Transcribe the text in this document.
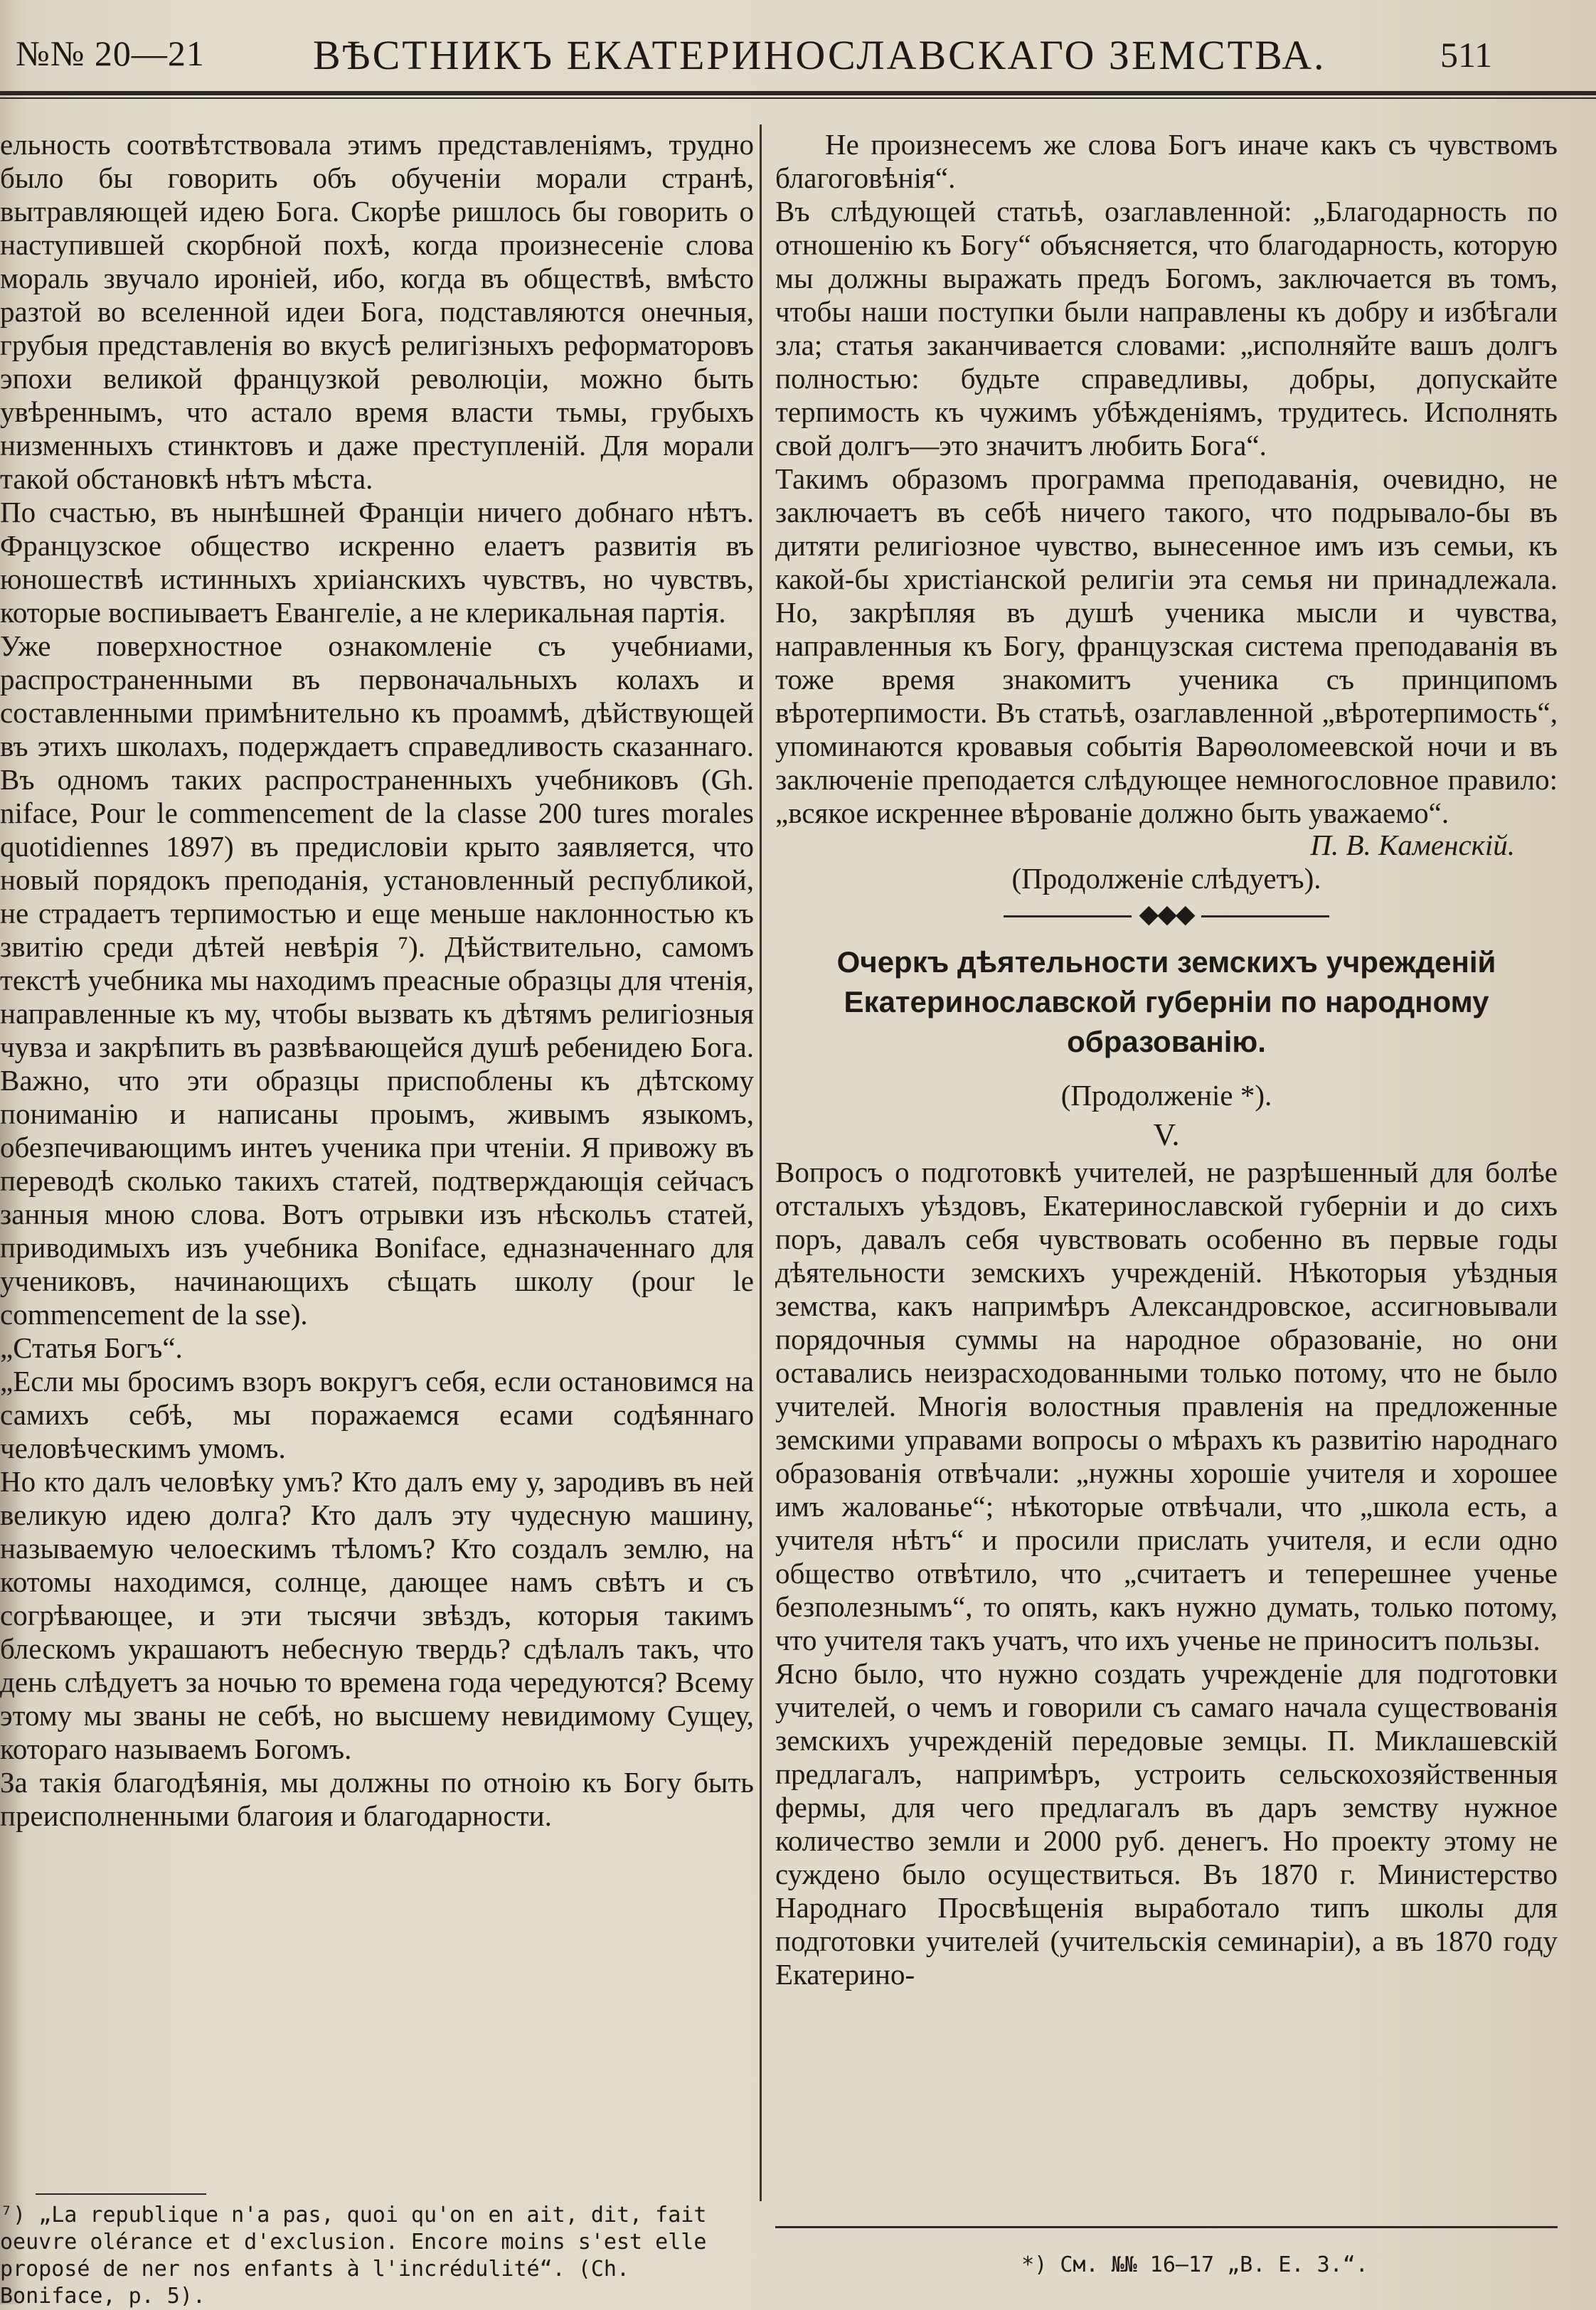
№№ 20—21	ВѢСТНИКЪ ЕКАТЕРИНОСЛАВСКАГО ЗЕМСТВА.	511

ельность соотвѣтствовала этимъ представленіямъ, трудно было бы говорить объ обученіи морали странѣ, вытравляющей идею Бога. Скорѣе ришлось бы говорить о наступившей скорбной похѣ, когда произнесеніе слова мораль звучало ироніей, ибо, когда въ обществѣ, вмѣсто разтой во вселенной идеи Бога, подставляются онечныя, грубыя представленія во вкусѣ религізныхъ реформаторовъ эпохи великой французкой революціи, можно быть увѣреннымъ, что астало время власти тьмы, грубыхъ низменныхъ стинктовъ и даже преступленій. Для морали такой обстановкѣ нѣтъ мѣста.

По счастью, въ нынѣшней Франціи ничего добнаго нѣтъ. Французское общество искренно елаетъ развитія въ юношествѣ истинныхъ хриіанскихъ чувствъ, но чувствъ, которые воспиываетъ Евангеліе, а не клерикальная партія.

Уже поверхностное ознакомленіе съ учебниами, распространенными въ первоначальныхъ колахъ и составленными примѣнительно къ проаммѣ, дѣйствующей въ этихъ школахъ, подерждаетъ справедливость сказаннаго. Въ одномъ таких распространенныхъ учебниковъ (Gh. niface, Pour le commencement de la classe 200 tures morales quotidiennes 1897) въ предисловіи крыто заявляется, что новый порядокъ преподанія, установленный республикой, не страдаетъ терпимостью и еще меньше наклонностью къ звитію среди дѣтей невѣрія ⁷). Дѣйствительно, самомъ текстѣ учебника мы находимъ преасные образцы для чтенія, направленные къ му, чтобы вызвать къ дѣтямъ религіозныя чувза и закрѣпить въ развѣвающейся душѣ ребенидею Бога. Важно, что эти образцы приспоблены къ дѣтскому пониманію и написаны проымъ, живымъ языкомъ, обезпечивающимъ интеъ ученика при чтеніи. Я привожу въ переводѣ сколько такихъ статей, подтверждающія сейчасъ занныя мною слова. Вотъ отрывки изъ нѣскольъ статей, приводимыхъ изъ учебника Boniface, едназначеннаго для учениковъ, начинающихъ сѣщать школу (pour le commencement de la sse).

„Статья Богъ“.

„Если мы бросимъ взоръ вокругъ себя, если остановимся на самихъ себѣ, мы поражаемся есами содѣяннаго человѣческимъ умомъ.

Но кто далъ человѣку умъ? Кто далъ ему у, зародивъ въ ней великую идею долга? Кто далъ эту чудесную машину, называемую челоескимъ тѣломъ? Кто создалъ землю, на котомы находимся, солнце, дающее намъ свѣтъ и съ согрѣвающее, и эти тысячи звѣздъ, которыя такимъ блескомъ украшаютъ небесную твердь? сдѣлалъ такъ, что день слѣдуетъ за ночью то времена года чередуются? Всему этому мы званы не себѣ, но высшему невидимому Сущеу, котораго называемъ Богомъ.

За такія благодѣянія, мы должны по отноію къ Богу быть преисполненными благоия и благодарности.

⁷) „La republique n'a pas, quoi qu'on en ait, dit, fait oeuvre olérance et d'exclusion. Encore moins s'est elle proposé de ner nos enfants à l'incrédulité“. (Ch. Boniface, p. 5).

Не произнесемъ же слова Богъ иначе какъ съ чувствомъ благоговѣнія“.

Въ слѣдующей статьѣ, озаглавленной: „Благодарность по отношенію къ Богу“ объясняется, что благодарность, которую мы должны выражать предъ Богомъ, заключается въ томъ, чтобы наши поступки были направлены къ добру и избѣгали зла; статья заканчивается словами: „исполняйте вашъ долгъ полностью: будьте справедливы, добры, допускайте терпимость къ чужимъ убѣжденіямъ, трудитесь. Исполнять свой долгъ—это значитъ любить Бога“.

Такимъ образомъ программа преподаванія, очевидно, не заключаетъ въ себѣ ничего такого, что подрывало-бы въ дитяти религіозное чувство, вынесенное имъ изъ семьи, къ какой-бы христіанской религіи эта семья ни принадлежала. Но, закрѣпляя въ душѣ ученика мысли и чувства, направленныя къ Богу, французская система преподаванія въ тоже время знакомитъ ученика съ принципомъ вѣротерпимости. Въ статьѣ, озаглавленной „вѣротерпимость“, упоминаются кровавыя событія Варѳоломеевской ночи и въ заключеніе преподается слѣдующее немногословное правило: „всякое искреннее вѣрованіе должно быть уважаемо“.

П. В. Каменскій.

(Продолженіе слѣдуетъ).

◆◆◆

Очеркъ дѣятельности земскихъ учрежденій Екатеринославской губерніи по народному образованію.

(Продолженіе *).

V.

Вопросъ о подготовкѣ учителей, не разрѣшенный для болѣе отсталыхъ уѣздовъ, Екатеринославской губерніи и до сихъ поръ, давалъ себя чувствовать особенно въ первые годы дѣятельности земскихъ учрежденій. Нѣкоторыя уѣздныя земства, какъ напримѣръ Александровское, ассигновывали порядочныя суммы на народное образованіе, но они оставались неизрасходованными только потому, что не было учителей. Многія волостныя правленія на предложенные земскими управами вопросы о мѣрахъ къ развитію народнаго образованія отвѣчали: „нужны хорошіе учителя и хорошее имъ жалованье“; нѣкоторые отвѣчали, что „школа есть, а учителя нѣтъ“ и просили прислать учителя, и если одно общество отвѣтило, что „считаетъ и теперешнее ученье безполезнымъ“, то опять, какъ нужно думать, только потому, что учителя такъ учатъ, что ихъ ученье не приноситъ пользы.

Ясно было, что нужно создать учрежденіе для подготовки учителей, о чемъ и говорили съ самаго начала существованія земскихъ учрежденій передовые земцы. П. Миклашевскій предлагалъ, напримѣръ, устроить сельскохозяйственныя фермы, для чего предлагалъ въ даръ земству нужное количество земли и 2000 руб. денегъ. Но проекту этому не суждено было осуществиться. Въ 1870 г. Министерство Народнаго Просвѣщенія выработало типъ школы для подготовки учителей (учительскія семинаріи), а въ 1870 году Екатерино-

*) См. №№ 16—17 „В. Е. З.“.
